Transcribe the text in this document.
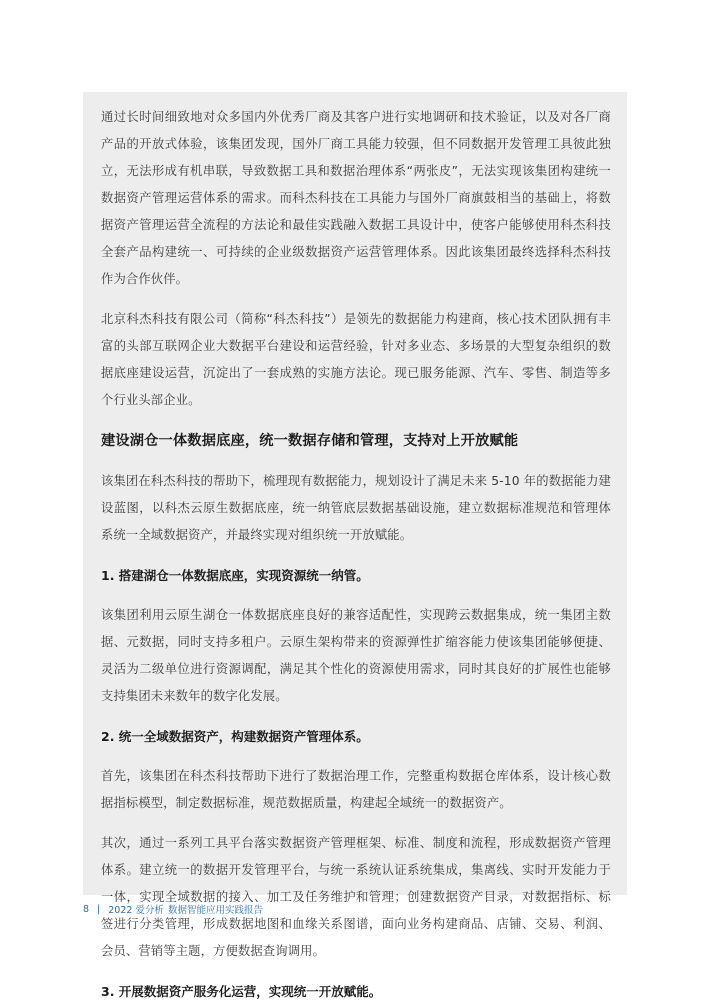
通过长时间细致地对众多国内外优秀厂商及其客户进行实地调研和技术验证，以及对各厂商产品的开放式体验，该集团发现，国外厂商工具能力较强，但不同数据开发管理工具彼此独立，无法形成有机串联，导致数据工具和数据治理体系“两张皮”，无法实现该集团构建统一数据资产管理运营体系的需求。而科杰科技在工具能力与国外厂商旗鼓相当的基础上，将数据资产管理运营全流程的方法论和最佳实践融入数据工具设计中，使客户能够使用科杰科技全套产品构建统一、可持续的企业级数据资产运营管理体系。因此该集团最终选择科杰科技作为合作伙伴。

北京科杰科技有限公司（简称“科杰科技”）是领先的数据能力构建商，核心技术团队拥有丰富的头部互联网企业大数据平台建设和运营经验，针对多业态、多场景的大型复杂组织的数据底座建设运营，沉淀出了一套成熟的实施方法论。现已服务能源、汽车、零售、制造等多个行业头部企业。

建设湖仓一体数据底座，统一数据存储和管理，支持对上开放赋能

该集团在科杰科技的帮助下，梳理现有数据能力，规划设计了满足未来 5-10 年的数据能力建设蓝图，以科杰云原生数据底座，统一纳管底层数据基础设施，建立数据标准规范和管理体系统一全域数据资产，并最终实现对组织统一开放赋能。

1. 搭建湖仓一体数据底座，实现资源统一纳管。

该集团利用云原生湖仓一体数据底座良好的兼容适配性，实现跨云数据集成，统一集团主数据、元数据，同时支持多租户。云原生架构带来的资源弹性扩缩容能力使该集团能够便捷、灵活为二级单位进行资源调配，满足其个性化的资源使用需求，同时其良好的扩展性也能够支持集团未来数年的数字化发展。

2. 统一全域数据资产，构建数据资产管理体系。

首先，该集团在科杰科技帮助下进行了数据治理工作，完整重构数据仓库体系，设计核心数据指标模型，制定数据标准，规范数据质量，构建起全域统一的数据资产。

其次，通过一系列工具平台落实数据资产管理框架、标准、制度和流程，形成数据资产管理体系。建立统一的数据开发管理平台，与统一系统认证系统集成，集离线、实时开发能力于一体，实现全域数据的接入、加工及任务维护和管理；创建数据资产目录，对数据指标、标签进行分类管理，形成数据地图和血缘关系图谱，面向业务构建商品、店铺、交易、利润、会员、营销等主题，方便数据查询调用。

3. 开展数据资产服务化运营，实现统一开放赋能。

8 | 2022 爱分析 数据智能应用实践报告
